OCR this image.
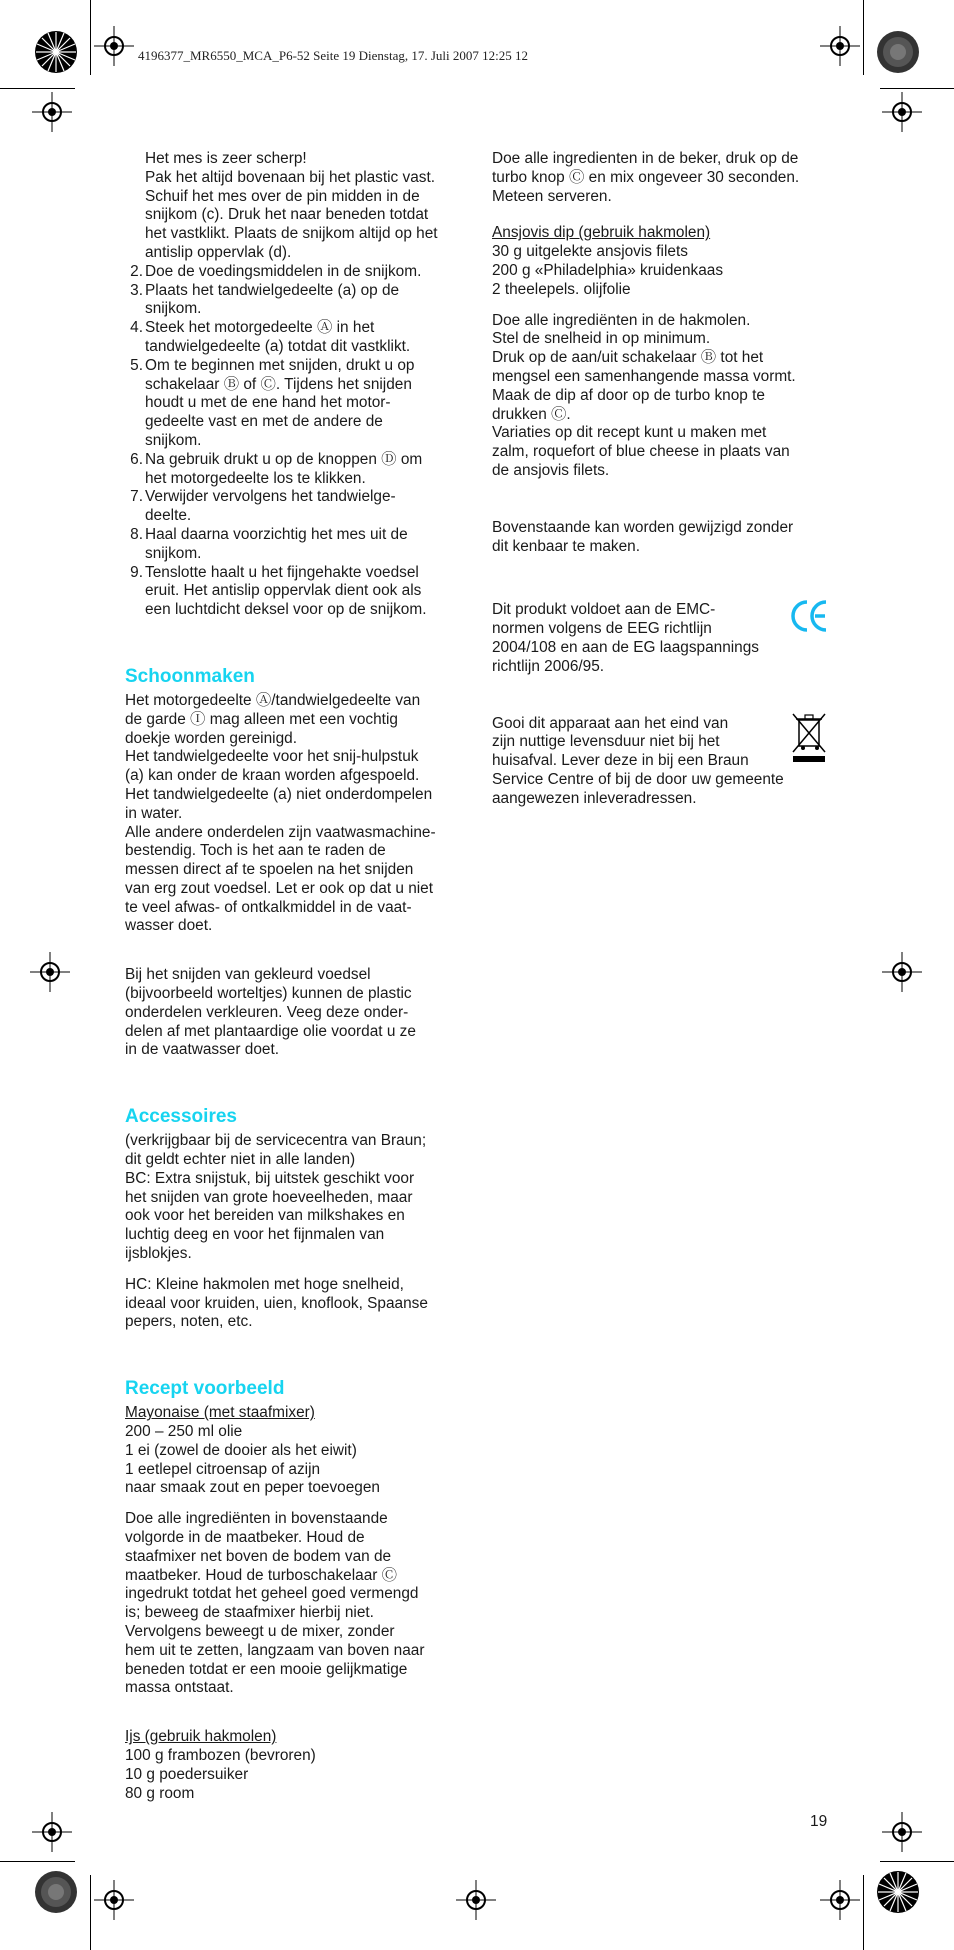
4196377_MR6550_MCA_P6-52 Seite 19 Dienstag, 17. Juli 2007 12:25 12
Het mes is zeer scherp!
Pak het altijd bovenaan bij het plastic vast.
Schuif het mes over de pin midden in de
snijkom (c). Druk het naar beneden totdat
het vastklikt. Plaats de snijkom altijd op het
antislip oppervlak (d).
2. Doe de voedingsmiddelen in de snijkom.
3. Plaats het tandwielgedeelte (a) op de
snijkom.
4. Steek het motorgedeelte Ⓐ in het
tandwielgedeelte (a) totdat dit vastklikt.
5. Om te beginnen met snijden, drukt u op
schakelaar Ⓑ of Ⓒ. Tijdens het snijden
houdt u met de ene hand het motor-
gedeelte vast en met de andere de
snijkom.
6. Na gebruik drukt u op de knoppen Ⓓ om
het motorgedeelte los te klikken.
7. Verwijder vervolgens het tandwielge-
deelte.
8. Haal daarna voorzichtig het mes uit de
snijkom.
9. Tenslotte haalt u het fijngehakte voedsel
eruit. Het antislip oppervlak dient ook als
een luchtdicht deksel voor op de snijkom.
Schoonmaken
Het motorgedeelte Ⓐ/tandwielgedeelte van
de garde Ⓘ mag alleen met een vochtig
doekje worden gereinigd.
Het tandwielgedeelte voor het snij-hulpstuk
(a) kan onder de kraan worden afgespoeld.
Het tandwielgedeelte (a) niet onderdompelen
in water.
Alle andere onderdelen zijn vaatwasmachine-
bestendig. Toch is het aan te raden de
messen direct af te spoelen na het snijden
van erg zout voedsel. Let er ook op dat u niet
te veel afwas- of ontkalkmiddel in de vaat-
wasser doet.
Bij het snijden van gekleurd voedsel
(bijvoorbeeld worteltjes) kunnen de plastic
onderdelen verkleuren. Veeg deze onder-
delen af met plantaardige olie voordat u ze
in de vaatwasser doet.
Accessoires
(verkrijgbaar bij de servicecentra van Braun;
dit geldt echter niet in alle landen)
BC: Extra snijstuk, bij uitstek geschikt voor
het snijden van grote hoeveelheden, maar
ook voor het bereiden van milkshakes en
luchtig deeg en voor het fijnmalen van
ijsblokjes.
HC: Kleine hakmolen met hoge snelheid,
ideaal voor kruiden, uien, knoflook, Spaanse
pepers, noten, etc.
Recept voorbeeld
Mayonaise (met staafmixer)
200 – 250 ml olie
1 ei (zowel de dooier als het eiwit)
1 eetlepel citroensap of azijn
naar smaak zout en peper toevoegen
Doe alle ingrediënten in bovenstaande
volgorde in de maatbeker. Houd de
staafmixer net boven de bodem van de
maatbeker. Houd de turboschakelaar Ⓒ
ingedrukt totdat het geheel goed vermengd
is; beweeg de staafmixer hierbij niet.
Vervolgens beweegt u de mixer, zonder
hem uit te zetten, langzaam van boven naar
beneden totdat er een mooie gelijkmatige
massa ontstaat.
Ijs (gebruik hakmolen)
100 g frambozen (bevroren)
10 g poedersuiker
80 g room
Doe alle ingredienten in de beker, druk op de
turbo knop Ⓒ en mix ongeveer 30 seconden.
Meteen serveren.
Ansjovis dip (gebruik hakmolen)
30 g uitgelekte ansjovis filets
200 g «Philadelphia» kruidenkaas
2 theelepels. olijfolie
Doe alle ingrediënten in de hakmolen.
Stel de snelheid in op minimum.
Druk op de aan/uit schakelaar Ⓑ tot het
mengsel een samenhangende massa vormt.
Maak de dip af door op de turbo knop te
drukken Ⓒ.
Variaties op dit recept kunt u maken met
zalm, roquefort of blue cheese in plaats van
de ansjovis filets.
Bovenstaande kan worden gewijzigd zonder
dit kenbaar te maken.
Dit produkt voldoet aan de EMC-
normen volgens de EEG richtlijn
2004/108 en aan de EG laagspannings
richtlijn 2006/95.
Gooi dit apparaat aan het eind van
zijn nuttige levensduur niet bij het
huisafval. Lever deze in bij een Braun
Service Centre of bij de door uw gemeente
aangewezen inleveradressen.
19
